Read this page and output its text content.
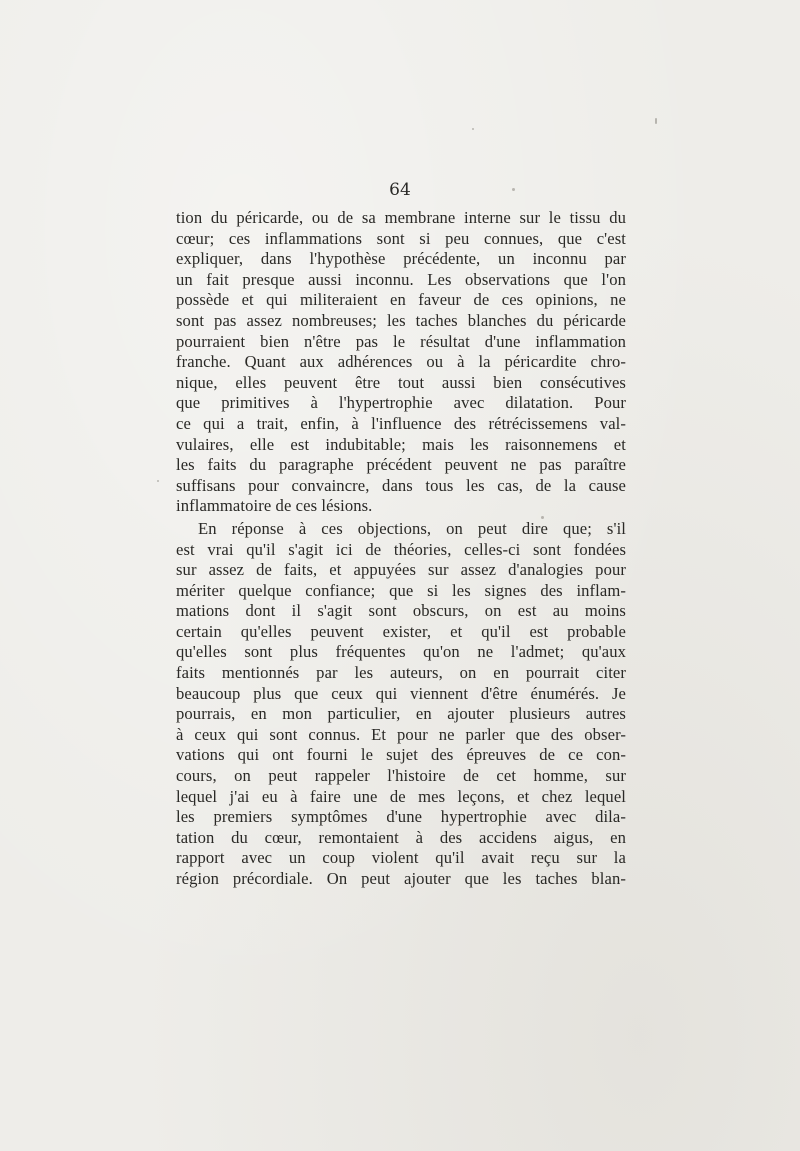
64
tion du péricarde, ou de sa membrane interne sur le tissu du
cœur; ces inflammations sont si peu connues, que c'est
expliquer, dans l'hypothèse précédente, un inconnu par
un fait presque aussi inconnu. Les observations que l'on
possède et qui militeraient en faveur de ces opinions, ne
sont pas assez nombreuses; les taches blanches du péricarde
pourraient bien n'être pas le résultat d'une inflammation
franche. Quant aux adhérences ou à la péricardite chro-
nique, elles peuvent être tout aussi bien consécutives
que primitives à l'hypertrophie avec dilatation. Pour
ce qui a trait, enfin, à l'influence des rétrécissemens val-
vulaires, elle est indubitable; mais les raisonnemens et
les faits du paragraphe précédent peuvent ne pas paraître
suffisans pour convaincre, dans tous les cas, de la cause
inflammatoire de ces lésions.
En réponse à ces objections, on peut dire que; s'il
est vrai qu'il s'agit ici de théories, celles-ci sont fondées
sur assez de faits, et appuyées sur assez d'analogies pour
mériter quelque confiance; que si les signes des inflam-
mations dont il s'agit sont obscurs, on est au moins
certain qu'elles peuvent exister, et qu'il est probable
qu'elles sont plus fréquentes qu'on ne l'admet; qu'aux
faits mentionnés par les auteurs, on en pourrait citer
beaucoup plus que ceux qui viennent d'être énumérés. Je
pourrais, en mon particulier, en ajouter plusieurs autres
à ceux qui sont connus. Et pour ne parler que des obser-
vations qui ont fourni le sujet des épreuves de ce con-
cours, on peut rappeler l'histoire de cet homme, sur
lequel j'ai eu à faire une de mes leçons, et chez lequel
les premiers symptômes d'une hypertrophie avec dila-
tation du cœur, remontaient à des accidens aigus, en
rapport avec un coup violent qu'il avait reçu sur la
région précordiale. On peut ajouter que les taches blan-
